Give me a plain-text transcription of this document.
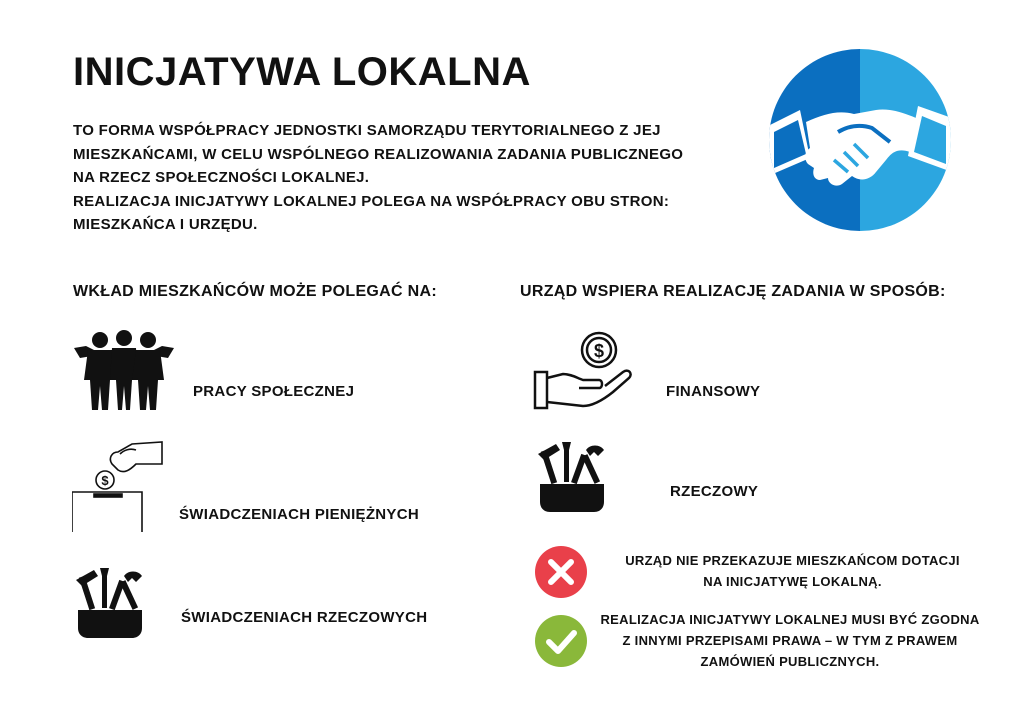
INICJATYWA LOKALNA
TO FORMA WSPÓŁPRACY JEDNOSTKI SAMORZĄDU TERYTORIALNEGO Z JEJ
MIESZKAŃCAMI, W CELU WSPÓLNEGO REALIZOWANIA ZADANIA PUBLICZNEGO
NA RZECZ SPOŁECZNOŚCI LOKALNEJ.
REALIZACJA INICJATYWY LOKALNEJ POLEGA NA WSPÓŁPRACY OBU STRON:
MIESZKAŃCA I URZĘDU.
WKŁAD MIESZKAŃCÓW MOŻE POLEGAĆ NA:	URZĄD WSPIERA REALIZACJĘ ZADANIA W SPOSÓB:
PRACY SPOŁECZNEJ
$
ŚWIADCZENIACH PIENIĘŻNYCH
ŚWIADCZENIACH RZECZOWYCH
$
FINANSOWY
RZECZOWY
URZĄD NIE PRZEKAZUJE MIESZKAŃCOM DOTACJI
NA INICJATYWĘ LOKALNĄ.
REALIZACJA INICJATYWY LOKALNEJ MUSI BYĆ ZGODNA
Z INNYMI PRZEPISAMI PRAWA – W TYM Z PRAWEM
ZAMÓWIEŃ PUBLICZNYCH.
